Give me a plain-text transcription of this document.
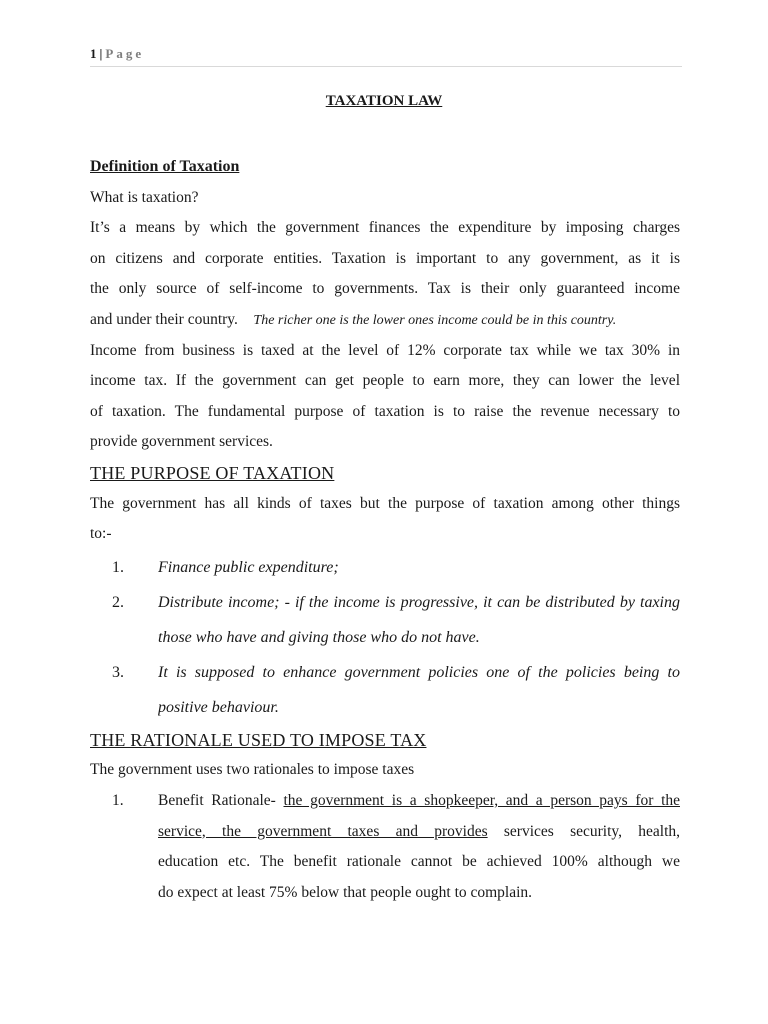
1 | Page
TAXATION LAW
Definition of Taxation
What is taxation?
It’s a means by which the government finances the expenditure by imposing charges
on citizens and corporate entities. Taxation is important to any government, as it is
the only source of self-income to governments. Tax is their only guaranteed income
and under their country. The richer one is the lower ones income could be in this country.
Income from business is taxed at the level of 12% corporate tax while we tax 30% in
income tax. If the government can get people to earn more, they can lower the level
of taxation. The fundamental purpose of taxation is to raise the revenue necessary to
provide government services.
THE PURPOSE OF TAXATION
The government has all kinds of taxes but the purpose of taxation among other things
to:-
1. Finance public expenditure;
2. Distribute income; - if the income is progressive, it can be distributed by taxing
those who have and giving those who do not have.
3. It is supposed to enhance government policies one of the policies being to
positive behaviour.
THE RATIONALE USED TO IMPOSE TAX
The government uses two rationales to impose taxes
1. Benefit Rationale- the government is a shopkeeper, and a person pays for the
service, the government taxes and provides services security, health,
education etc. The benefit rationale cannot be achieved 100% although we
do expect at least 75% below that people ought to complain.
